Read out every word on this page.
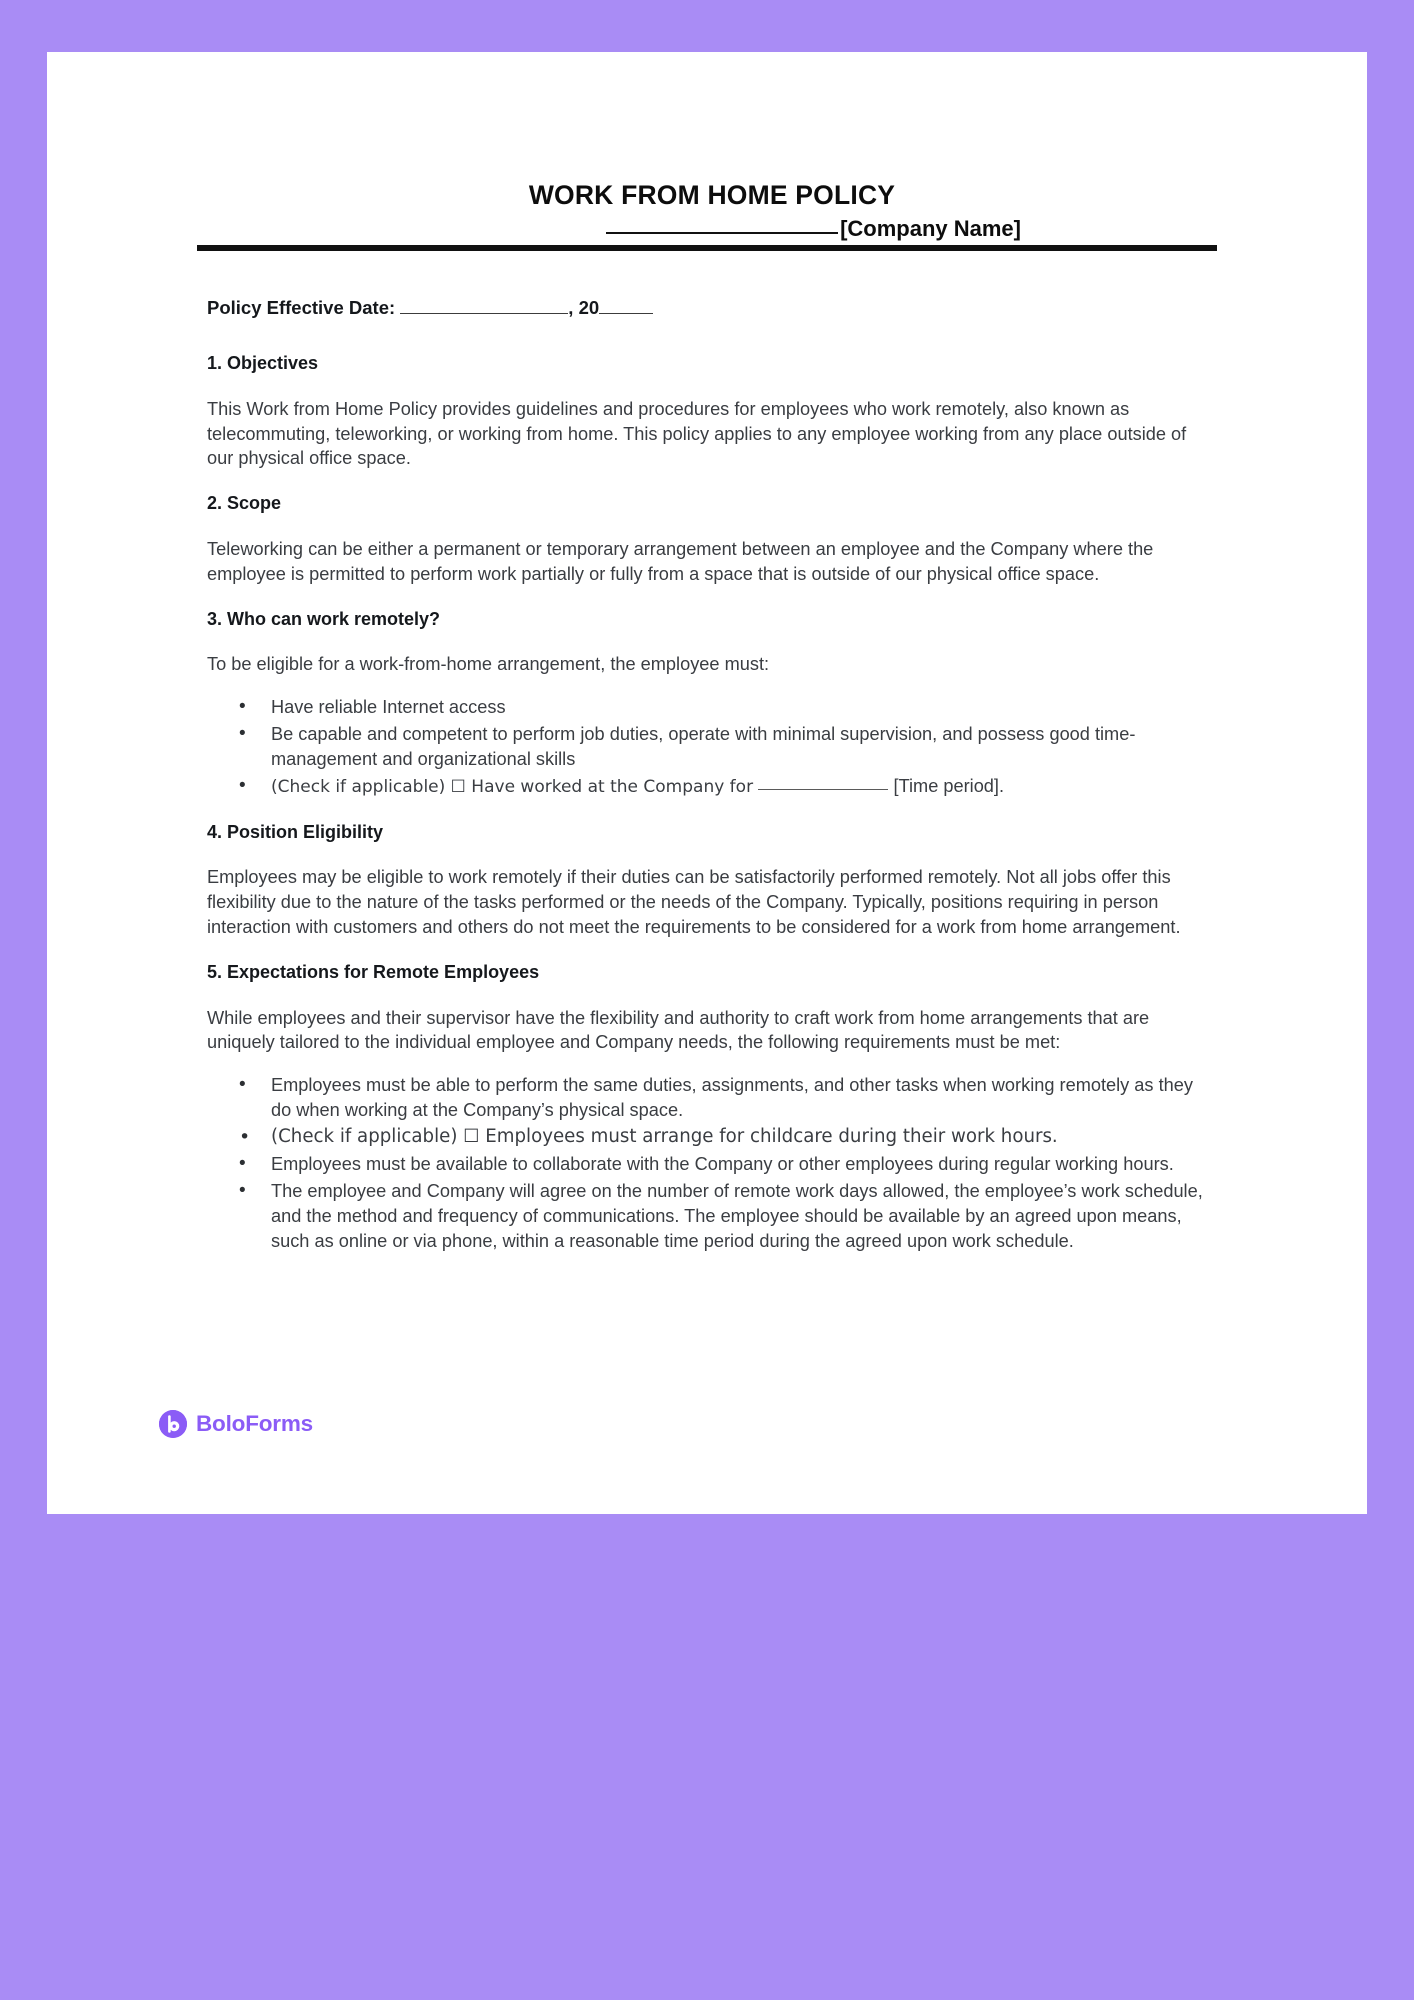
WORK FROM HOME POLICY
[Company Name]
Policy Effective Date:	, 20
1. Objectives

This Work from Home Policy provides guidelines and procedures for employees who work remotely, also known as telecommuting, teleworking, or working from home. This policy applies to any employee working from any place outside of our physical office space.

2. Scope

Teleworking can be either a permanent or temporary arrangement between an employee and the Company where the employee is permitted to perform work partially or fully from a space that is outside of our physical office space.

3. Who can work remotely?

To be eligible for a work-from-home arrangement, the employee must:

• Have reliable Internet access
• Be capable and competent to perform job duties, operate with minimal supervision, and possess good time-management and organizational skills
• (Check if applicable) ☐ Have worked at the Company for	[Time period].
4. Position Eligibility

Employees may be eligible to work remotely if their duties can be satisfactorily performed remotely. Not all jobs offer this flexibility due to the nature of the tasks performed or the needs of the Company. Typically, positions requiring in person interaction with customers and others do not meet the requirements to be considered for a work from home arrangement.

5. Expectations for Remote Employees

While employees and their supervisor have the flexibility and authority to craft work from home arrangements that are uniquely tailored to the individual employee and Company needs, the following requirements must be met:

• Employees must be able to perform the same duties, assignments, and other tasks when working remotely as they do when working at the Company’s physical space.
• (Check if applicable) ☐ Employees must arrange for childcare during their work hours.
• Employees must be available to collaborate with the Company or other employees during regular working hours.
• The employee and Company will agree on the number of remote work days allowed, the employee’s work schedule, and the method and frequency of communications. The employee should be available by an agreed upon means, such as online or via phone, within a reasonable time period during the agreed upon work schedule.
BoloForms
